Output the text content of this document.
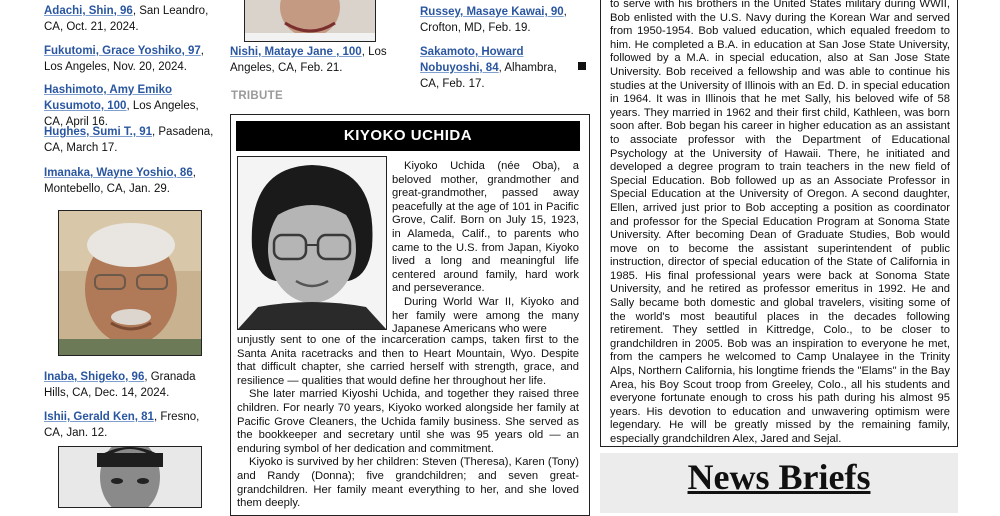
Adachi, Shin, 96, San Leandro, CA, Oct. 21, 2024.
Fukutomi, Grace Yoshiko, 97, Los Angeles, Nov. 20, 2024.
Hashimoto, Amy Emiko Kusumoto, 100, Los Angeles, CA, April 16.
Hughes, Sumi T., 91, Pasadena, CA, March 17.
Imanaka, Wayne Yoshio, 86, Montebello, CA, Jan. 29.
Inaba, Shigeko, 96, Granada Hills, CA, Dec. 14, 2024.
Ishii, Gerald Ken, 81, Fresno, CA, Jan. 12.
Nishi, Mataye Jane , 100, Los Angeles, CA, Feb. 21.
Russey, Masaye Kawai, 90, Crofton, MD, Feb. 19.
Sakamoto, Howard Nobuyoshi, 84, Alhambra, CA, Feb. 17.
TRIBUTE
KIYOKO UCHIDA

Kiyoko Uchida (née Oba), a beloved mother, grandmother and great-grandmother, passed away peacefully at the age of 101 in Pacific Grove, Calif. Born on July 15, 1923, in Alameda, Calif., to parents who came to the U.S. from Japan, Kiyoko lived a long and meaningful life centered around family, hard work and perseverance.

During World War II, Kiyoko and her family were among the many Japanese Americans who were

unjustly sent to one of the incarceration camps, taken first to the Santa Anita racetracks and then to Heart Mountain, Wyo. Despite that difficult chapter, she carried herself with strength, grace, and resilience — qualities that would define her throughout her life.

She later married Kiyoshi Uchida, and together they raised three children. For nearly 70 years, Kiyoko worked alongside her family at Pacific Grove Cleaners, the Uchida family business. She served as the bookkeeper and secretary until she was 95 years old — an enduring symbol of her dedication and commitment.

Kiyoko is survived by her children: Steven (Theresa), Karen (Tony) and Randy (Donna); five grandchildren; and seven great-grandchildren. Her family meant everything to her, and she loved them deeply.

to serve with his brothers in the United States military during WWII, Bob enlisted with the U.S. Navy during the Korean War and served from 1950-1954. Bob valued education, which equaled freedom to him. He completed a B.A. in education at San Jose State University, followed by a M.A. in special education, also at San Jose State University. Bob received a fellowship and was able to continue his studies at the University of Illinois with an Ed. D. in special education in 1964. It was in Illinois that he met Sally, his beloved wife of 58 years. They married in 1962 and their first child, Kathleen, was born soon after. Bob began his career in higher education as an assistant to associate professor with the Department of Educational Psychology at the University of Hawaii. There, he initiated and developed a degree program to train teachers in the new field of Special Education. Bob followed up as an Associate Professor in Special Education at the University of Oregon. A second daughter, Ellen, arrived just prior to Bob accepting a position as coordinator and professor for the Special Education Program at Sonoma State University. After becoming Dean of Graduate Studies, Bob would move on to become the assistant superintendent of public instruction, director of special education of the State of California in 1985. His final professional years were back at Sonoma State University, and he retired as professor emeritus in 1992. He and Sally became both domestic and global travelers, visiting some of the world's most beautiful places in the decades following retirement. They settled in Kittredge, Colo., to be closer to grandchildren in 2005. Bob was an inspiration to everyone he met, from the campers he welcomed to Camp Unalayee in the Trinity Alps, Northern California, his longtime friends the "Elams" in the Bay Area, his Boy Scout troop from Greeley, Colo., all his students and everyone fortunate enough to cross his path during his almost 95 years. His devotion to education and unwavering optimism were legendary. He will be greatly missed by the remaining family, especially grandchildren Alex, Jared and Sejal.
News Briefs
